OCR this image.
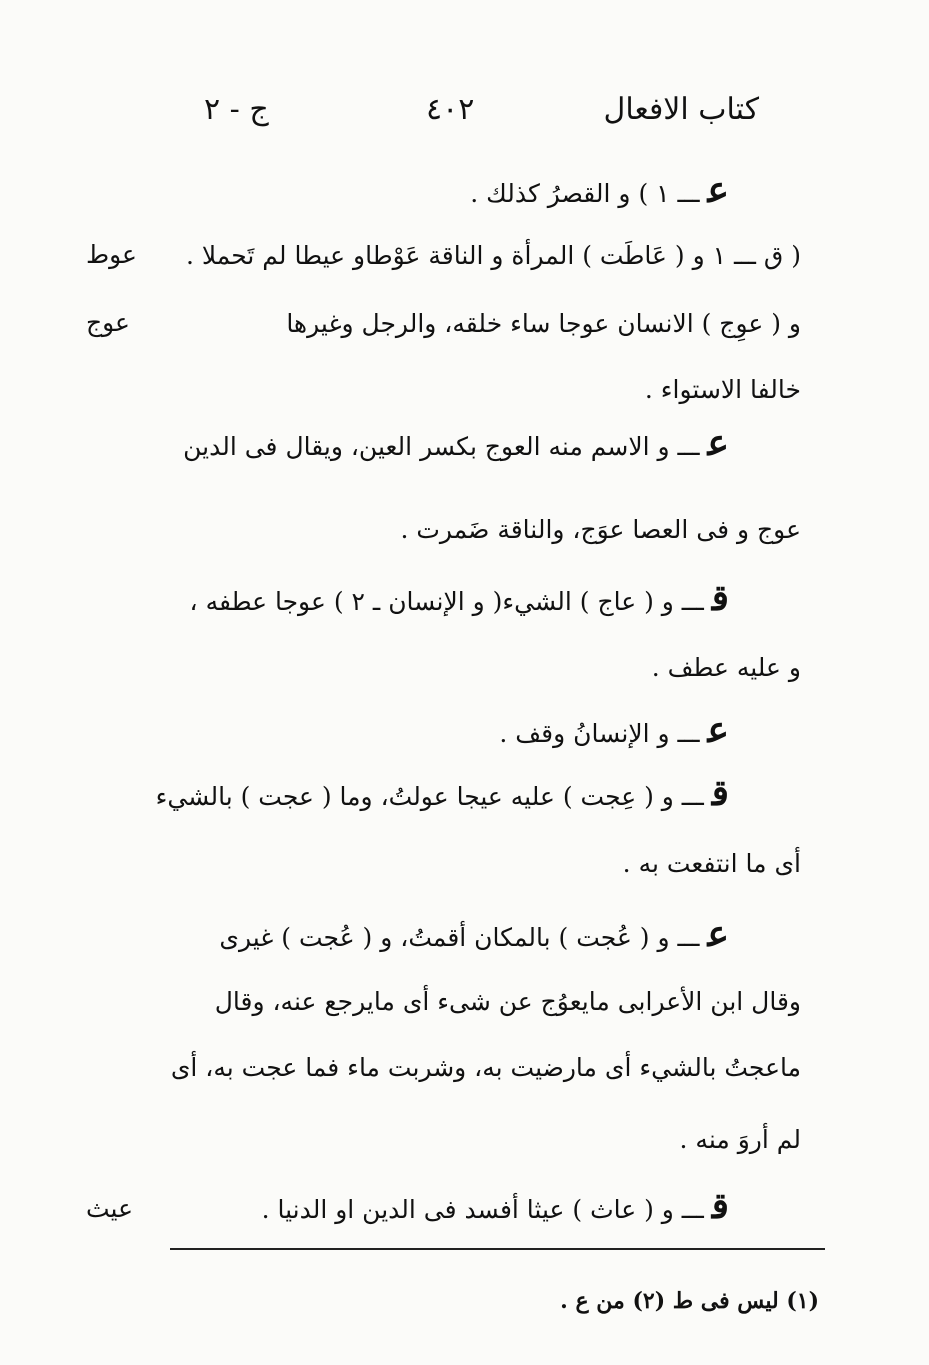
كتاب الافعال
٤٠٢
ج - ٢
عـــ ١ ) و القصرُ كذلك .
( ق ـــ ١ و ( عَاطَت ) المرأة و الناقة عَوْطاو عيطا لم تَحملا .
عوط
و ( عوِج ) الانسان عوجا ساء خلقه، والرجل وغيرها
عوج
خالفا الاستواء .
عـــ و الاسم منه العوج بكسر العين، ويقال فى الدين
عوج و فى العصا عوَج، والناقة ضَمرت .
قـــ و ( عاج ) الشيء( و الإنسان ـ ٢ ) عوجا عطفه ،
و عليه عطف .
عـــ و الإنسانُ وقف .
قـــ و ( عِجت ) عليه عيجا عولتُ، وما ( عجت ) بالشيء
أى ما انتفعت به .
عـــ و ( عُجت ) بالمكان أقمتُ، و ( عُجت ) غيرى
وقال ابن الأعرابى مايعوُج عن شىء أى مايرجع عنه، وقال
ماعجتُ بالشيء أى مارضيت به، وشربت ماء فما عجت به، أى
لم أروَ منه .
قـــ و ( عاث ) عيثا أفسد فى الدين او الدنيا .
عيث
(١) ليس فى ط (٢) من ع .
